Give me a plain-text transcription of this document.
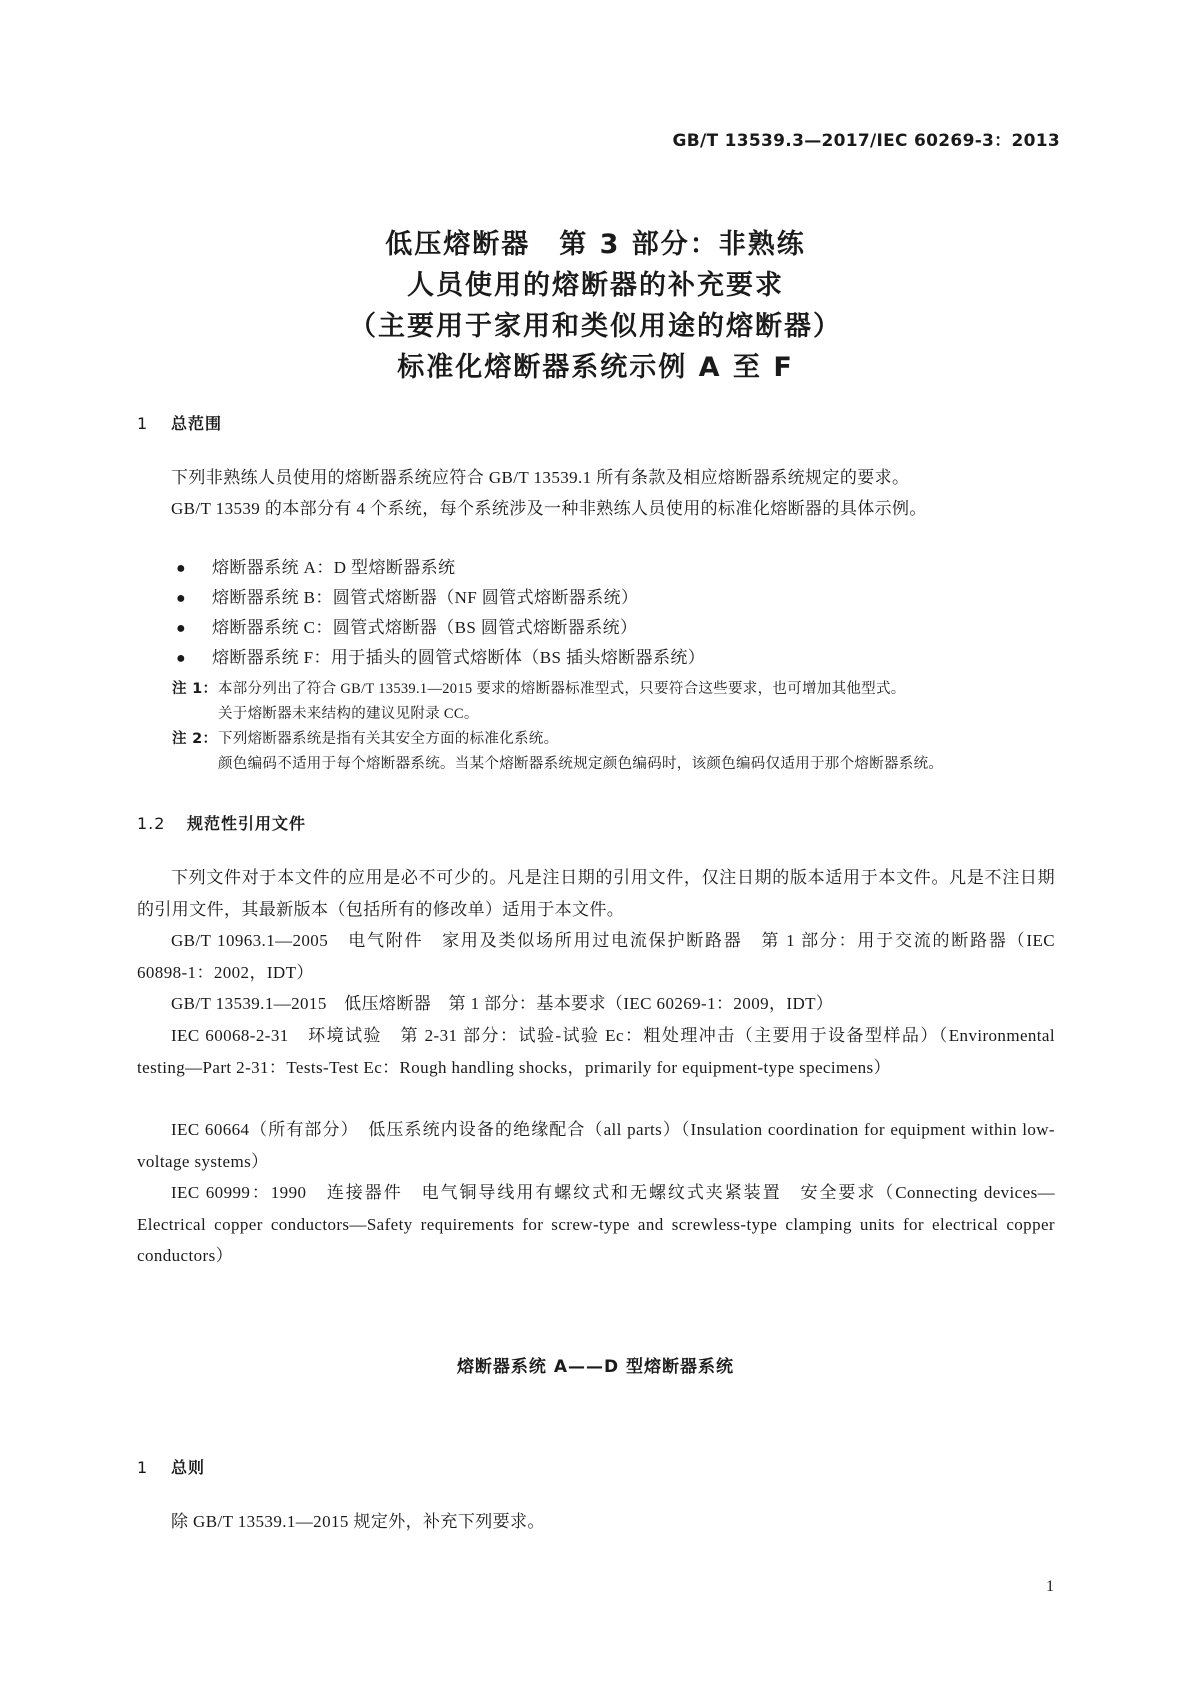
GB/T 13539.3—2017/IEC 60269-3：2013
低压熔断器　第 3 部分：非熟练
人员使用的熔断器的补充要求
（主要用于家用和类似用途的熔断器）
标准化熔断器系统示例 A 至 F
1 总范围
下列非熟练人员使用的熔断器系统应符合 GB/T 13539.1 所有条款及相应熔断器系统规定的要求。
GB/T 13539 的本部分有 4 个系统，每个系统涉及一种非熟练人员使用的标准化熔断器的具体示例。
● 熔断器系统 A：D 型熔断器系统
● 熔断器系统 B：圆管式熔断器（NF 圆管式熔断器系统）
● 熔断器系统 C：圆管式熔断器（BS 圆管式熔断器系统）
● 熔断器系统 F：用于插头的圆管式熔断体（BS 插头熔断器系统）
注 1： 本部分列出了符合 GB/T 13539.1—2015 要求的熔断器标准型式，只要符合这些要求，也可增加其他型式。
关于熔断器未来结构的建议见附录 CC。
注 2： 下列熔断器系统是指有关其安全方面的标准化系统。
颜色编码不适用于每个熔断器系统。当某个熔断器系统规定颜色编码时，该颜色编码仅适用于那个熔断器系统。
1.2 规范性引用文件
下列文件对于本文件的应用是必不可少的。凡是注日期的引用文件，仅注日期的版本适用于本文件。凡是不注日期的引用文件，其最新版本（包括所有的修改单）适用于本文件。
GB/T 10963.1—2005　电气附件　家用及类似场所用过电流保护断路器　第 1 部分：用于交流的断路器（IEC 60898-1：2002，IDT）
GB/T 13539.1—2015　低压熔断器　第 1 部分：基本要求（IEC 60269-1：2009，IDT）
IEC 60068-2-31　环境试验　第 2-31 部分：试验-试验 Ec：粗处理冲击（主要用于设备型样品）（Environmental testing—Part 2-31：Tests-Test Ec：Rough handling shocks，primarily for equipment-type specimens）
IEC 60664（所有部分）　低压系统内设备的绝缘配合（all parts）（Insulation coordination for equipment within low-voltage systems）
IEC 60999：1990　连接器件　电气铜导线用有螺纹式和无螺纹式夹紧装置　安全要求（Connecting devices—Electrical copper conductors—Safety requirements for screw-type and screwless-type clamping units for electrical copper conductors）
熔断器系统 A——D 型熔断器系统
1 总则
除 GB/T 13539.1—2015 规定外，补充下列要求。
1
